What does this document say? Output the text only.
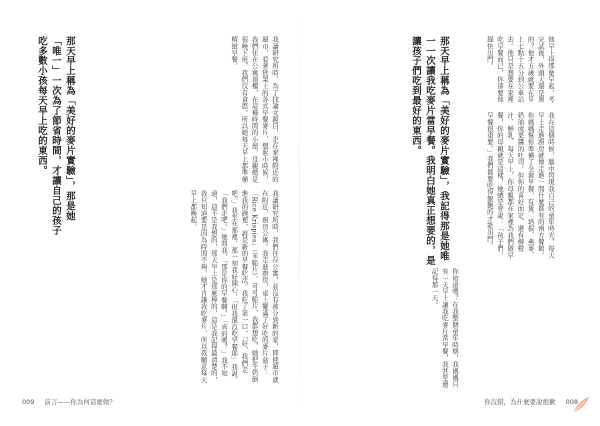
那天早上稱為「美好的麥片實驗」，那是她「唯一」一次為了節省時間，才讓自己的孩子吃多數小孩每天早上吃的東西。	我讀研究所時，為了找論文題目，走在家裡附近的超市，看著貨架上的各式早餐麥片，想起小時候，我們住在公寓頂樓，在這種時間的小屋，母親總是很晚下班，我們沒有食慾，所以她每天早上都準備精緻早餐。
我讀研究所時，我們住在公寓，並沒有被分到新的家，即使超市就在附近，廚房公寓。我走進廚房，桌上擺滿了好吃的麥片盒子：「Rice Krispies」（米脆片）、可可脆片，我都想吃，她把牛奶倒進我的碗裡，說是新的早餐吃法。我吃了第一口，「好，我們走吧。」我坐在那裡，那一刻我好開心，「但我還沒吃早餐耶」我說。「我們走吧。」她問我，「那是你的早餐啊。」「真的嗎？」我不知道，這不是我想的，那天早上是那麼棒的，這是我記得最清楚的，我只知道要是因為時間不夠，她才肯讓我吃麥片，所以我願意每天早上都晚起。
009 前言——你為何這麼做？
他早上得那麼早起，考完試後，外頭天還是黑的？他才五歲就要在早上七點十五分到公車站去。他只是想要在家裡吃早餐而已，你卻要他趕快出門。
那天早上稱為「美好的麥片實驗」，我記得那是她唯一一次讓我吃麥片當早餐。我明白她真正想要的，是讓孩子們吃到最好的東西。
我在這個時候，腦中閃現我自己的童年時光，每天早上走進廚房就像走進一間什麼都有的南方餐館。你媽媽幫你準備了全套早餐，有蛋、培根、燕麥、奶油或果醬的吐司。但你的喜好而定，還有柳橙汁、鮮乳、每天早上，你母親都在家裡為我們做早餐，你的母親就是這樣，她總是會說：「孩子們，早餐很重要。」我們都要吃得飽飽的才能出門。
你知道嗎？在我整個童年時期，我媽媽只有一天早上讓我吃麥片當早餐，我甚至還記得那一天。
你沒錯，為什麼要說抱歉 008
